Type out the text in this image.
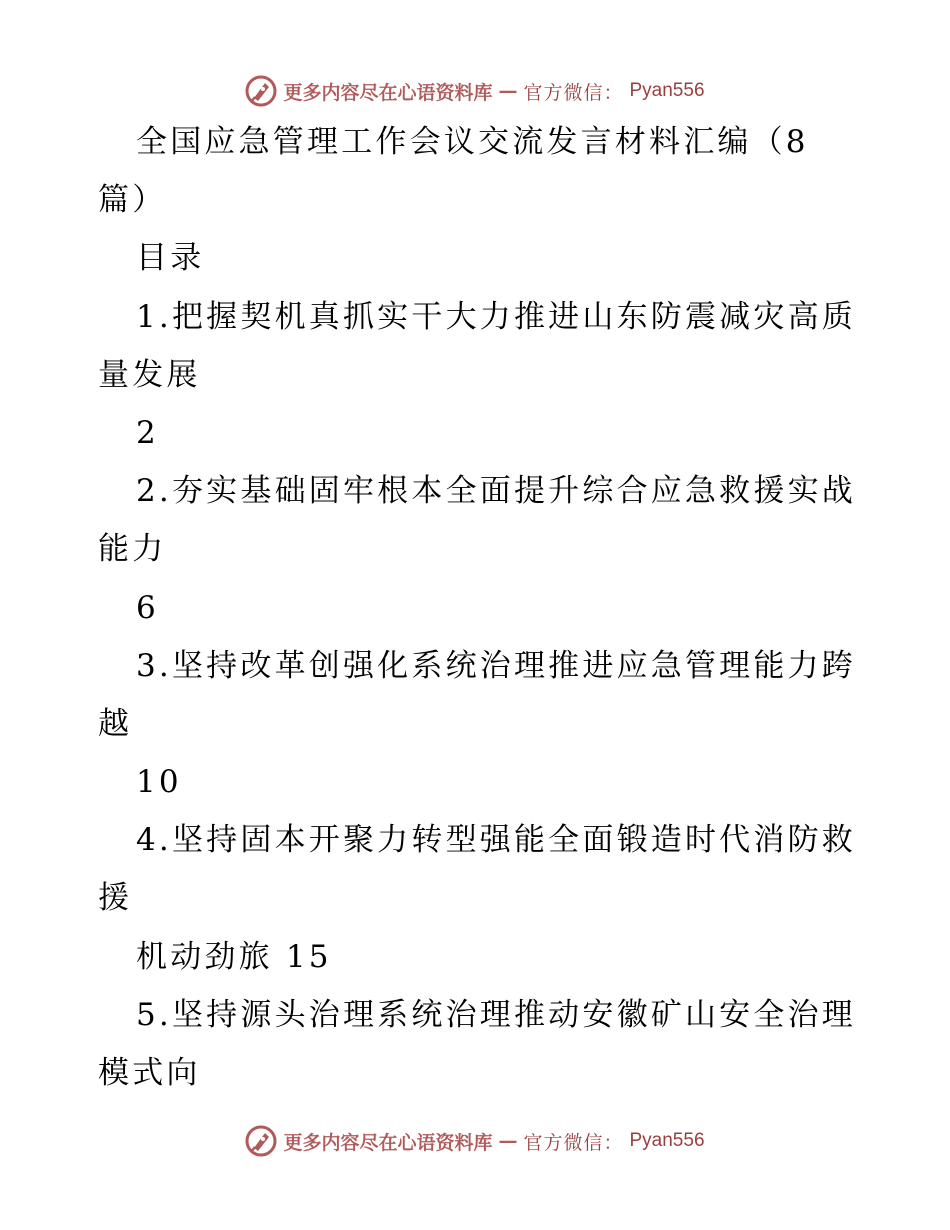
更多内容尽在心语资料库 — 官方微信： Pyan556
全国应急管理工作会议交流发言材料汇编（8
篇）
目录
1.把握契机真抓实干大力推进山东防震减灾高质
量发展
2
2.夯实基础固牢根本全面提升综合应急救援实战
能力
6
3.坚持改革创强化系统治理推进应急管理能力跨
越
10
4.坚持固本开聚力转型强能全面锻造时代消防救
援
机动劲旅 15
5.坚持源头治理系统治理推动安徽矿山安全治理
模式向
更多内容尽在心语资料库 — 官方微信： Pyan556
